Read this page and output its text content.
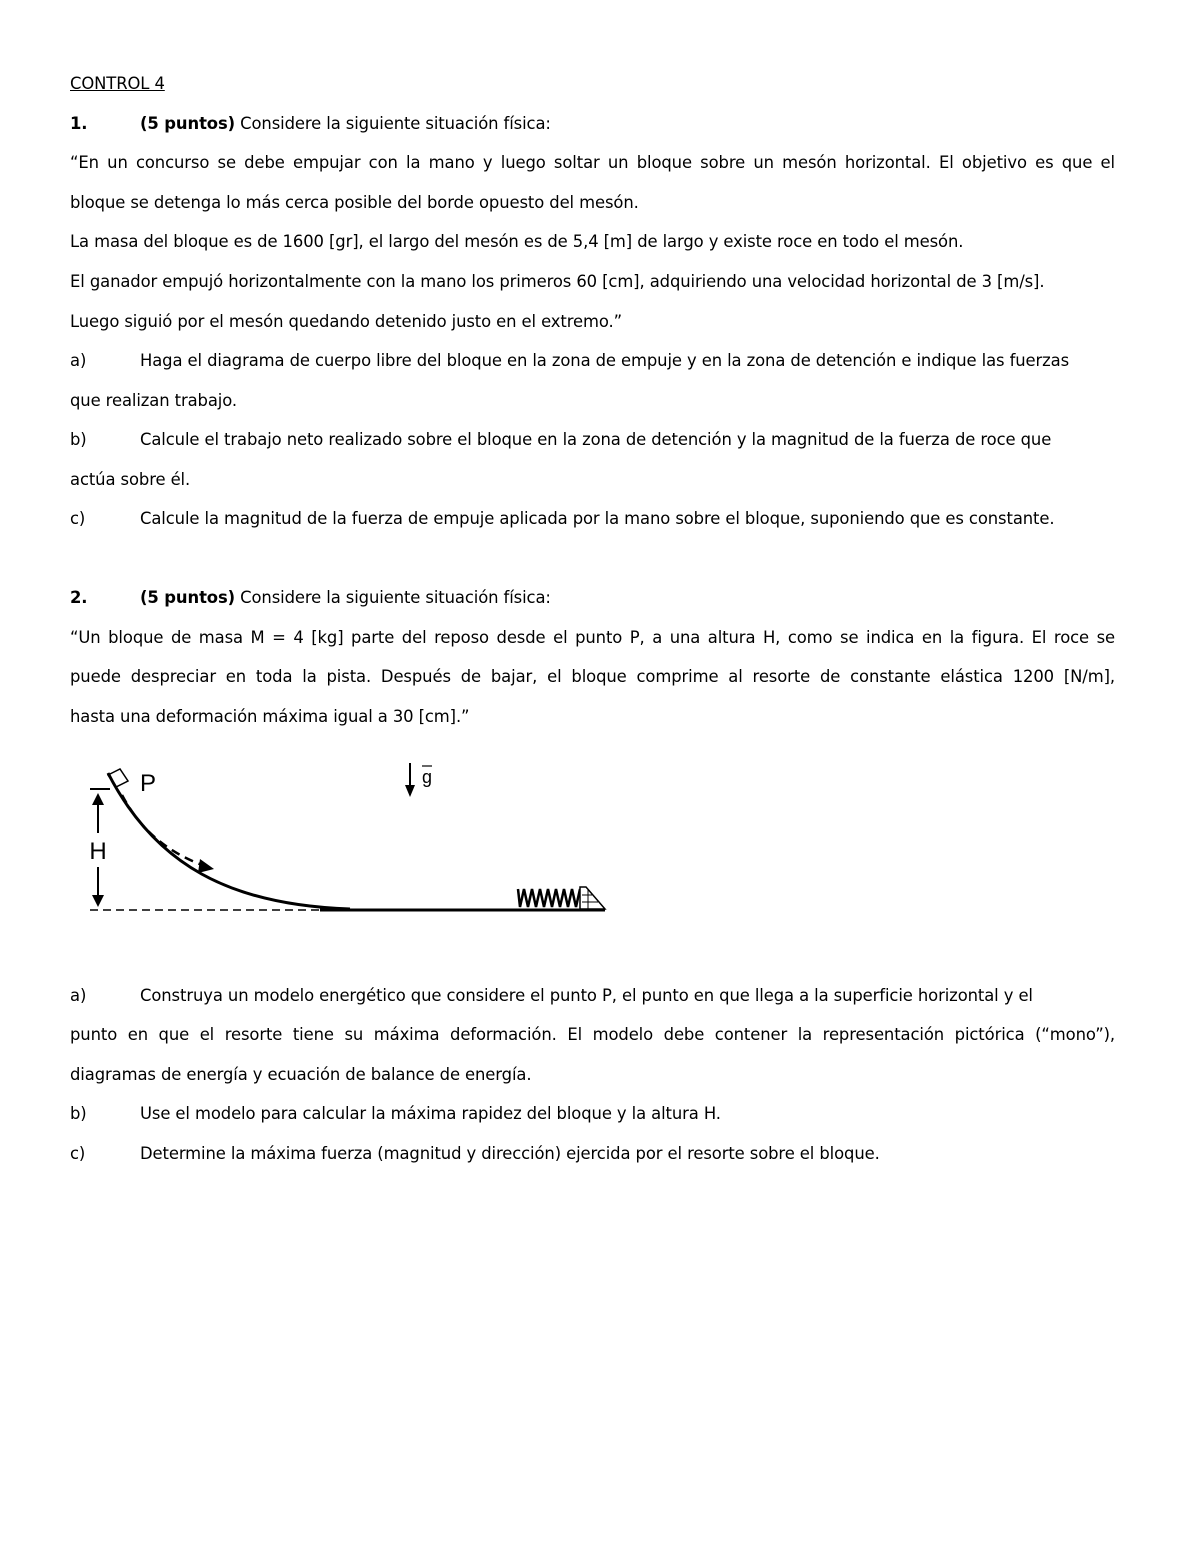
CONTROL 4
1.	(5 puntos) Considere la siguiente situación física:
“En un concurso se debe empujar con la mano y luego soltar un bloque sobre un mesón horizontal. El objetivo es que el
bloque se detenga lo más cerca posible del borde opuesto del mesón.
La masa del bloque es de 1600 [gr], el largo del mesón es de 5,4 [m] de largo y existe roce en todo el mesón.
El ganador empujó horizontalmente con la mano los primeros 60 [cm], adquiriendo una velocidad horizontal de 3 [m/s].
Luego siguió por el mesón quedando detenido justo en el extremo.”
a)	Haga el diagrama de cuerpo libre del bloque en la zona de empuje y en la zona de detención e indique las fuerzas
que realizan trabajo.
b)	Calcule el trabajo neto realizado sobre el bloque en la zona de detención y la magnitud de la fuerza de roce que
actúa sobre él.
c)	Calcule la magnitud de la fuerza de empuje aplicada por la mano sobre el bloque, suponiendo que es constante.
2.	(5 puntos) Considere la siguiente situación física:
“Un bloque de masa M = 4 [kg] parte del reposo desde el punto P, a una altura H, como se indica en la figura. El roce se
puede despreciar en toda la pista. Después de bajar, el bloque comprime al resorte de constante elástica 1200 [N/m],
hasta una deformación máxima igual a 30 [cm].”
H
P	g
a)	Construya un modelo energético que considere el punto P, el punto en que llega a la superficie horizontal y el
punto en que el resorte tiene su máxima deformación. El modelo debe contener la representación pictórica (“mono”),
diagramas de energía y ecuación de balance de energía.
b)	Use el modelo para calcular la máxima rapidez del bloque y la altura H.
c)	Determine la máxima fuerza (magnitud y dirección) ejercida por el resorte sobre el bloque.
